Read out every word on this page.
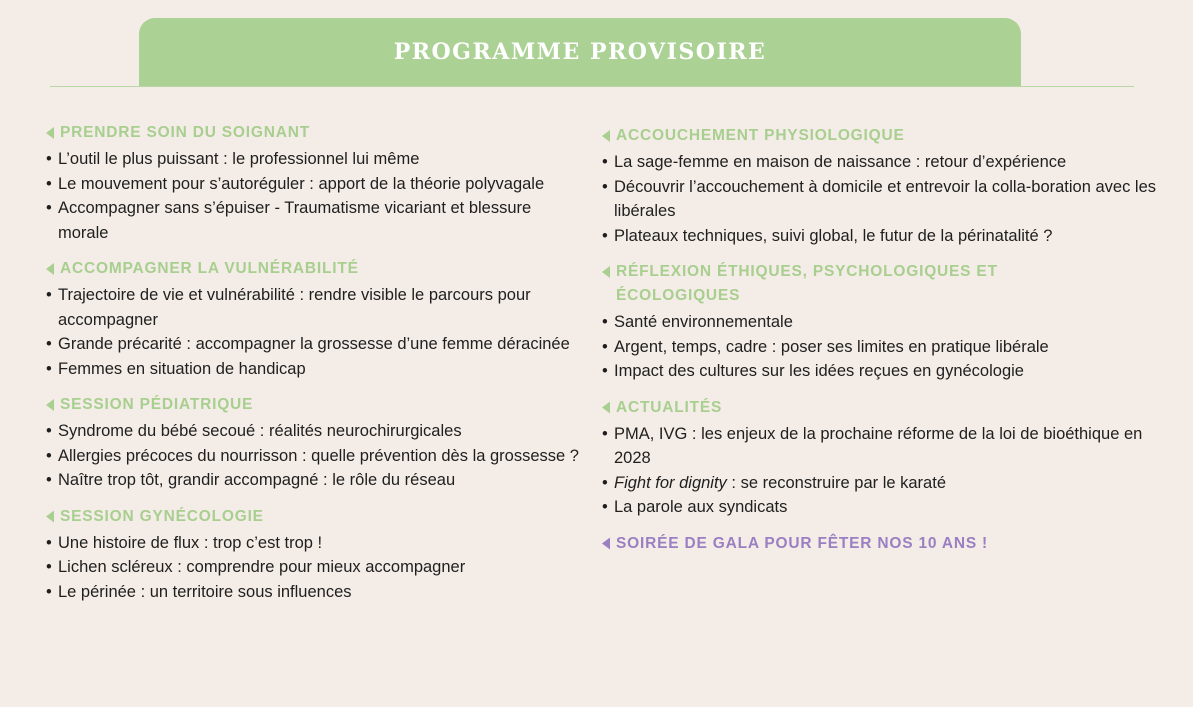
PROGRAMME PROVISOIRE
PRENDRE SOIN DU SOIGNANT
• L’outil le plus puissant : le professionnel lui même
• Le mouvement pour s’autoréguler : apport de la théorie polyvagale
• Accompagner sans s’épuiser - Traumatisme vicariant et blessure morale
ACCOMPAGNER LA VULNÉRABILITÉ
• Trajectoire de vie et vulnérabilité : rendre visible le parcours pour accompagner
• Grande précarité : accompagner la grossesse d’une femme déracinée
• Femmes en situation de handicap
SESSION PÉDIATRIQUE
• Syndrome du bébé secoué : réalités neurochirurgicales
• Allergies précoces du nourrisson : quelle prévention dès la grossesse ?
• Naître trop tôt, grandir accompagné : le rôle du réseau
SESSION GYNÉCOLOGIE
• Une histoire de flux : trop c’est trop !
• Lichen scléreux : comprendre pour mieux accompagner
• Le périnée : un territoire sous influences
ACCOUCHEMENT PHYSIOLOGIQUE
• La sage-femme en maison de naissance : retour d’expérience
• Découvrir l’accouchement à domicile et entrevoir la colla-boration avec les libérales
• Plateaux techniques, suivi global, le futur de la périnatalité ?
RÉFLEXION ÉTHIQUES, PSYCHOLOGIQUES ET ÉCOLOGIQUES
• Santé environnementale
• Argent, temps, cadre : poser ses limites en pratique libérale
• Impact des cultures sur les idées reçues en gynécologie
ACTUALITÉS
• PMA, IVG : les enjeux de la prochaine réforme de la loi de bioéthique en 2028
• Fight for dignity : se reconstruire par le karaté
• La parole aux syndicats
SOIRÉE DE GALA POUR FÊTER NOS 10 ANS !
